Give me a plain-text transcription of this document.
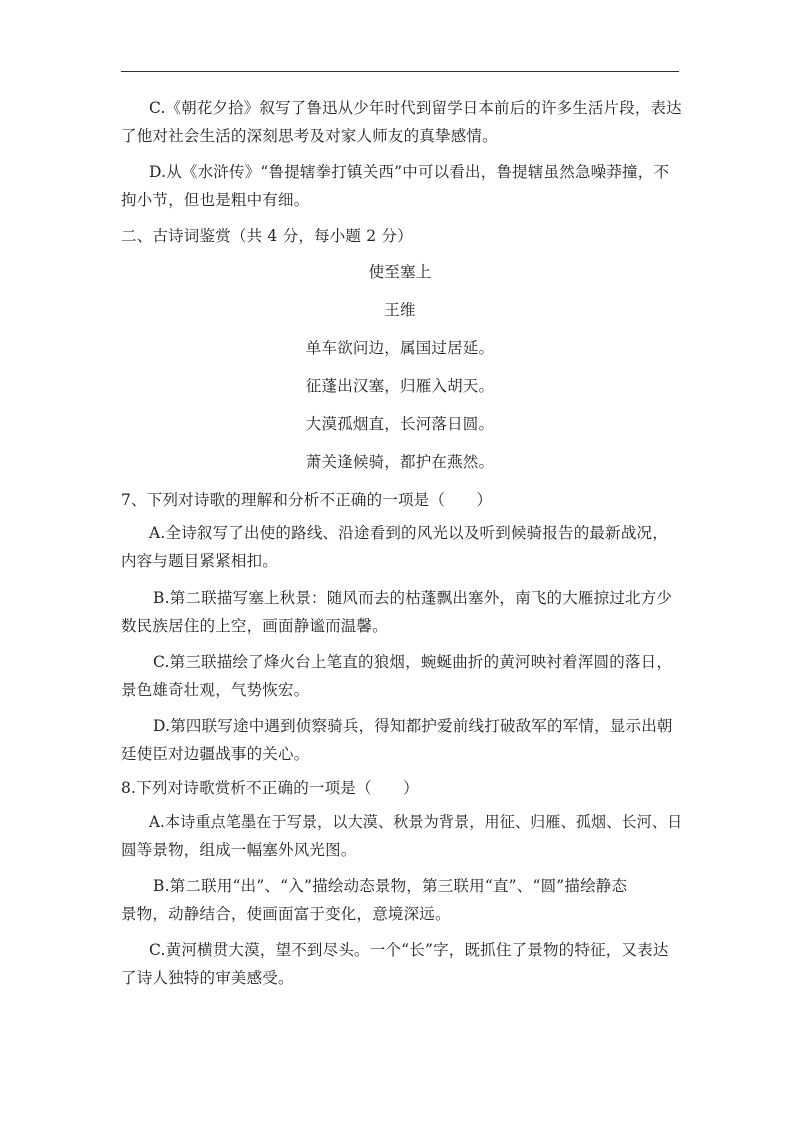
C.《朝花夕拾》叙写了鲁迅从少年时代到留学日本前后的许多生活片段，表达
了他对社会生活的深刻思考及对家人师友的真挚感情。
D.从《水浒传》“鲁提辖拳打镇关西”中可以看出，鲁提辖虽然急噪莽撞，不
拘小节，但也是粗中有细。
二、古诗词鉴赏（共 4 分，每小题 2 分）
使至塞上
王维
单车欲问边，属国过居延。
征蓬出汉塞，归雁入胡天。
大漠孤烟直，长河落日圆。
萧关逢候骑，都护在燕然。
7、下列对诗歌的理解和分析不正确的一项是（　　）
A.全诗叙写了出使的路线、沿途看到的风光以及听到候骑报告的最新战况，
内容与题目紧紧相扣。
B.第二联描写塞上秋景：随风而去的枯蓬飘出塞外，南飞的大雁掠过北方少
数民族居住的上空，画面静谧而温馨。
C.第三联描绘了烽火台上笔直的狼烟，蜿蜒曲折的黄河映衬着浑圆的落日，
景色雄奇壮观，气势恢宏。
D.第四联写途中遇到侦察骑兵，得知都护爱前线打破敌军的军情，显示出朝
廷使臣对边疆战事的关心。
8.下列对诗歌赏析不正确的一项是（　　）
A.本诗重点笔墨在于写景，以大漠、秋景为背景，用征、归雁、孤烟、长河、日
圆等景物，组成一幅塞外风光图。
B.第二联用“出”、“入”描绘动态景物，第三联用“直”、“圆”描绘静态
景物，动静结合，使画面富于变化，意境深远。
C.黄河横贯大漠，望不到尽头。一个“长”字，既抓住了景物的特征，又表达
了诗人独特的审美感受。
